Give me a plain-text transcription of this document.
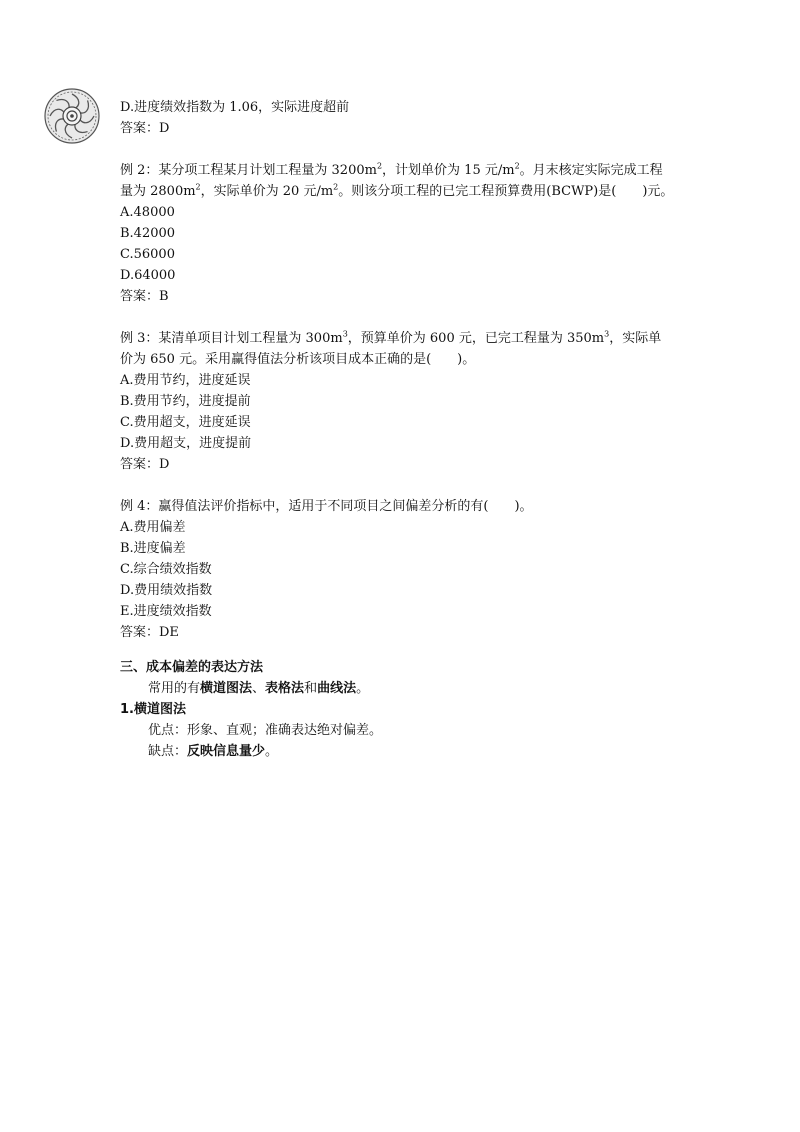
D.进度绩效指数为 1.06，实际进度超前
答案：D
例 2：某分项工程某月计划工程量为 $3200m^2$，计划单价为 15 元$/m^2$。月末核定实际完成工程
量为 $2800m^2$，实际单价为 20 元$/m^2$。则该分项工程的已完工程预算费用(BCWP)是(　　)元。
A.48000
B.42000
C.56000
D.64000
答案：B
例 3：某清单项目计划工程量为 $300m^3$，预算单价为 600 元，已完工程量为 $350m^3$，实际单
价为 650 元。采用赢得值法分析该项目成本正确的是(　　)。
A.费用节约，进度延误
B.费用节约，进度提前
C.费用超支，进度延误
D.费用超支，进度提前
答案：D
例 4：赢得值法评价指标中，适用于不同项目之间偏差分析的有(　　)。
A.费用偏差
B.进度偏差
C.综合绩效指数
D.费用绩效指数
E.进度绩效指数
答案：DE
三、成本偏差的表达方法
常用的有横道图法、表格法和曲线法。
1.横道图法
优点：形象、直观；准确表达绝对偏差。
缺点：反映信息量少。
